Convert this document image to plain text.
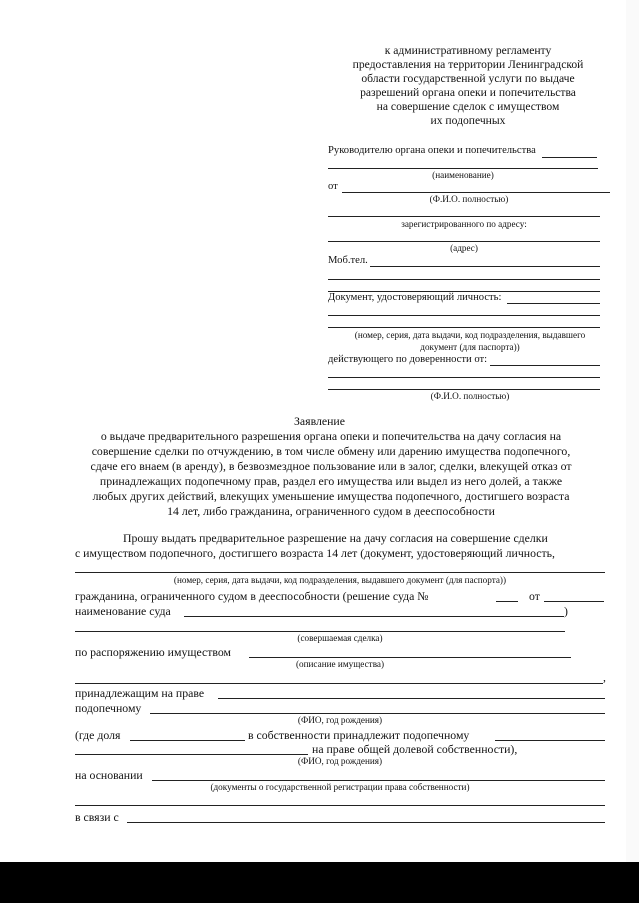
к административному регламенту
предоставления на территории Ленинградской
области государственной услуги по выдаче
разрешений органа опеки и попечительства
на совершение сделок с имуществом
их подопечных
Руководителю органа опеки и попечительства
(наименование)
от
(Ф.И.О. полностью)
зарегистрированного по адресу:
(адрес)
Моб.тел.
Документ, удостоверяющий личность:
(номер, серия, дата выдачи, код подразделения, выдавшего
документ (для паспорта))
действующего по доверенности от:
(Ф.И.О. полностью)
Заявление
о выдаче предварительного разрешения органа опеки и попечительства на дачу согласия на
совершение сделки по отчуждению, в том числе обмену или дарению имущества подопечного,
сдаче его внаем (в аренду), в безвозмездное пользование или в залог, сделки, влекущей отказ от
принадлежащих подопечному прав, раздел его имущества или выдел из него долей, а также
любых других действий, влекущих уменьшение имущества подопечного, достигшего возраста
14 лет, либо гражданина, ограниченного судом в дееспособности
Прошу выдать предварительное разрешение на дачу согласия на совершение сделки
с имуществом подопечного, достигшего возраста 14 лет (документ, удостоверяющий личность,
(номер, серия, дата выдачи, код подразделения, выдавшего документ (для паспорта))
гражданина, ограниченного судом в дееспособности (решение суда №	от
наименование суда	)
(совершаемая сделка)
по распоряжению имуществом
(описание имущества)
,
принадлежащим на праве
подопечному
(ФИО, год рождения)
(где доля	в собственности принадлежит подопечному
на праве общей долевой собственности),
(ФИО, год рождения)
на основании
(документы о государственной регистрации права собственности)
в связи с
